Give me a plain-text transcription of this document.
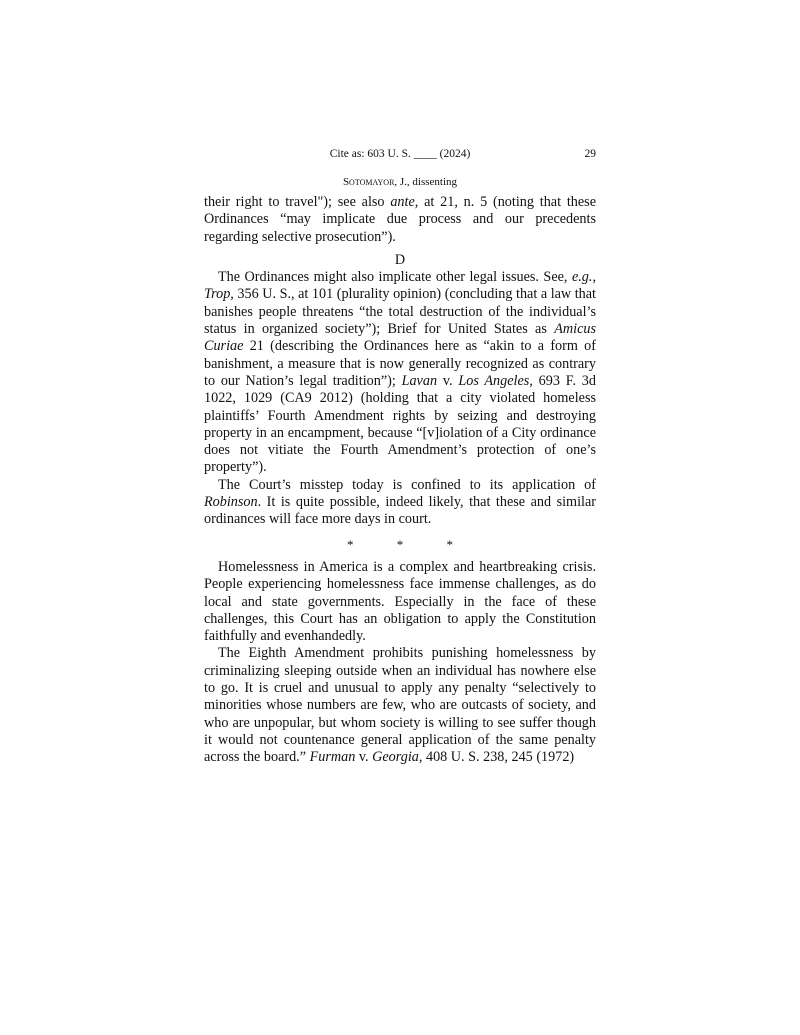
Cite as: 603 U. S. ____ (2024)	29
Sotomayor, J., dissenting

their right to travel"); see also ante, at 21, n. 5 (noting that these Ordinances “may implicate due process and our precedents regarding selective prosecution”).

D

The Ordinances might also implicate other legal issues. See, e.g., Trop, 356 U. S., at 101 (plurality opinion) (concluding that a law that banishes people threatens “the total destruction of the individual’s status in organized society”); Brief for United States as Amicus Curiae 21 (describing the Ordinances here as “akin to a form of banishment, a measure that is now generally recognized as contrary to our Nation’s legal tradition”); Lavan v. Los Angeles, 693 F. 3d 1022, 1029 (CA9 2012) (holding that a city violated homeless plaintiffs’ Fourth Amendment rights by seizing and destroying property in an encampment, because “[v]iolation of a City ordinance does not vitiate the Fourth Amendment’s protection of one’s property”).

The Court’s misstep today is confined to its application of Robinson. It is quite possible, indeed likely, that these and similar ordinances will face more days in court.

* * *

Homelessness in America is a complex and heartbreaking crisis. People experiencing homelessness face immense challenges, as do local and state governments. Especially in the face of these challenges, this Court has an obligation to apply the Constitution faithfully and evenhandedly.

The Eighth Amendment prohibits punishing homelessness by criminalizing sleeping outside when an individual has nowhere else to go. It is cruel and unusual to apply any penalty “selectively to minorities whose numbers are few, who are outcasts of society, and who are unpopular, but whom society is willing to see suffer though it would not countenance general application of the same penalty across the board.” Furman v. Georgia, 408 U. S. 238, 245 (1972)
